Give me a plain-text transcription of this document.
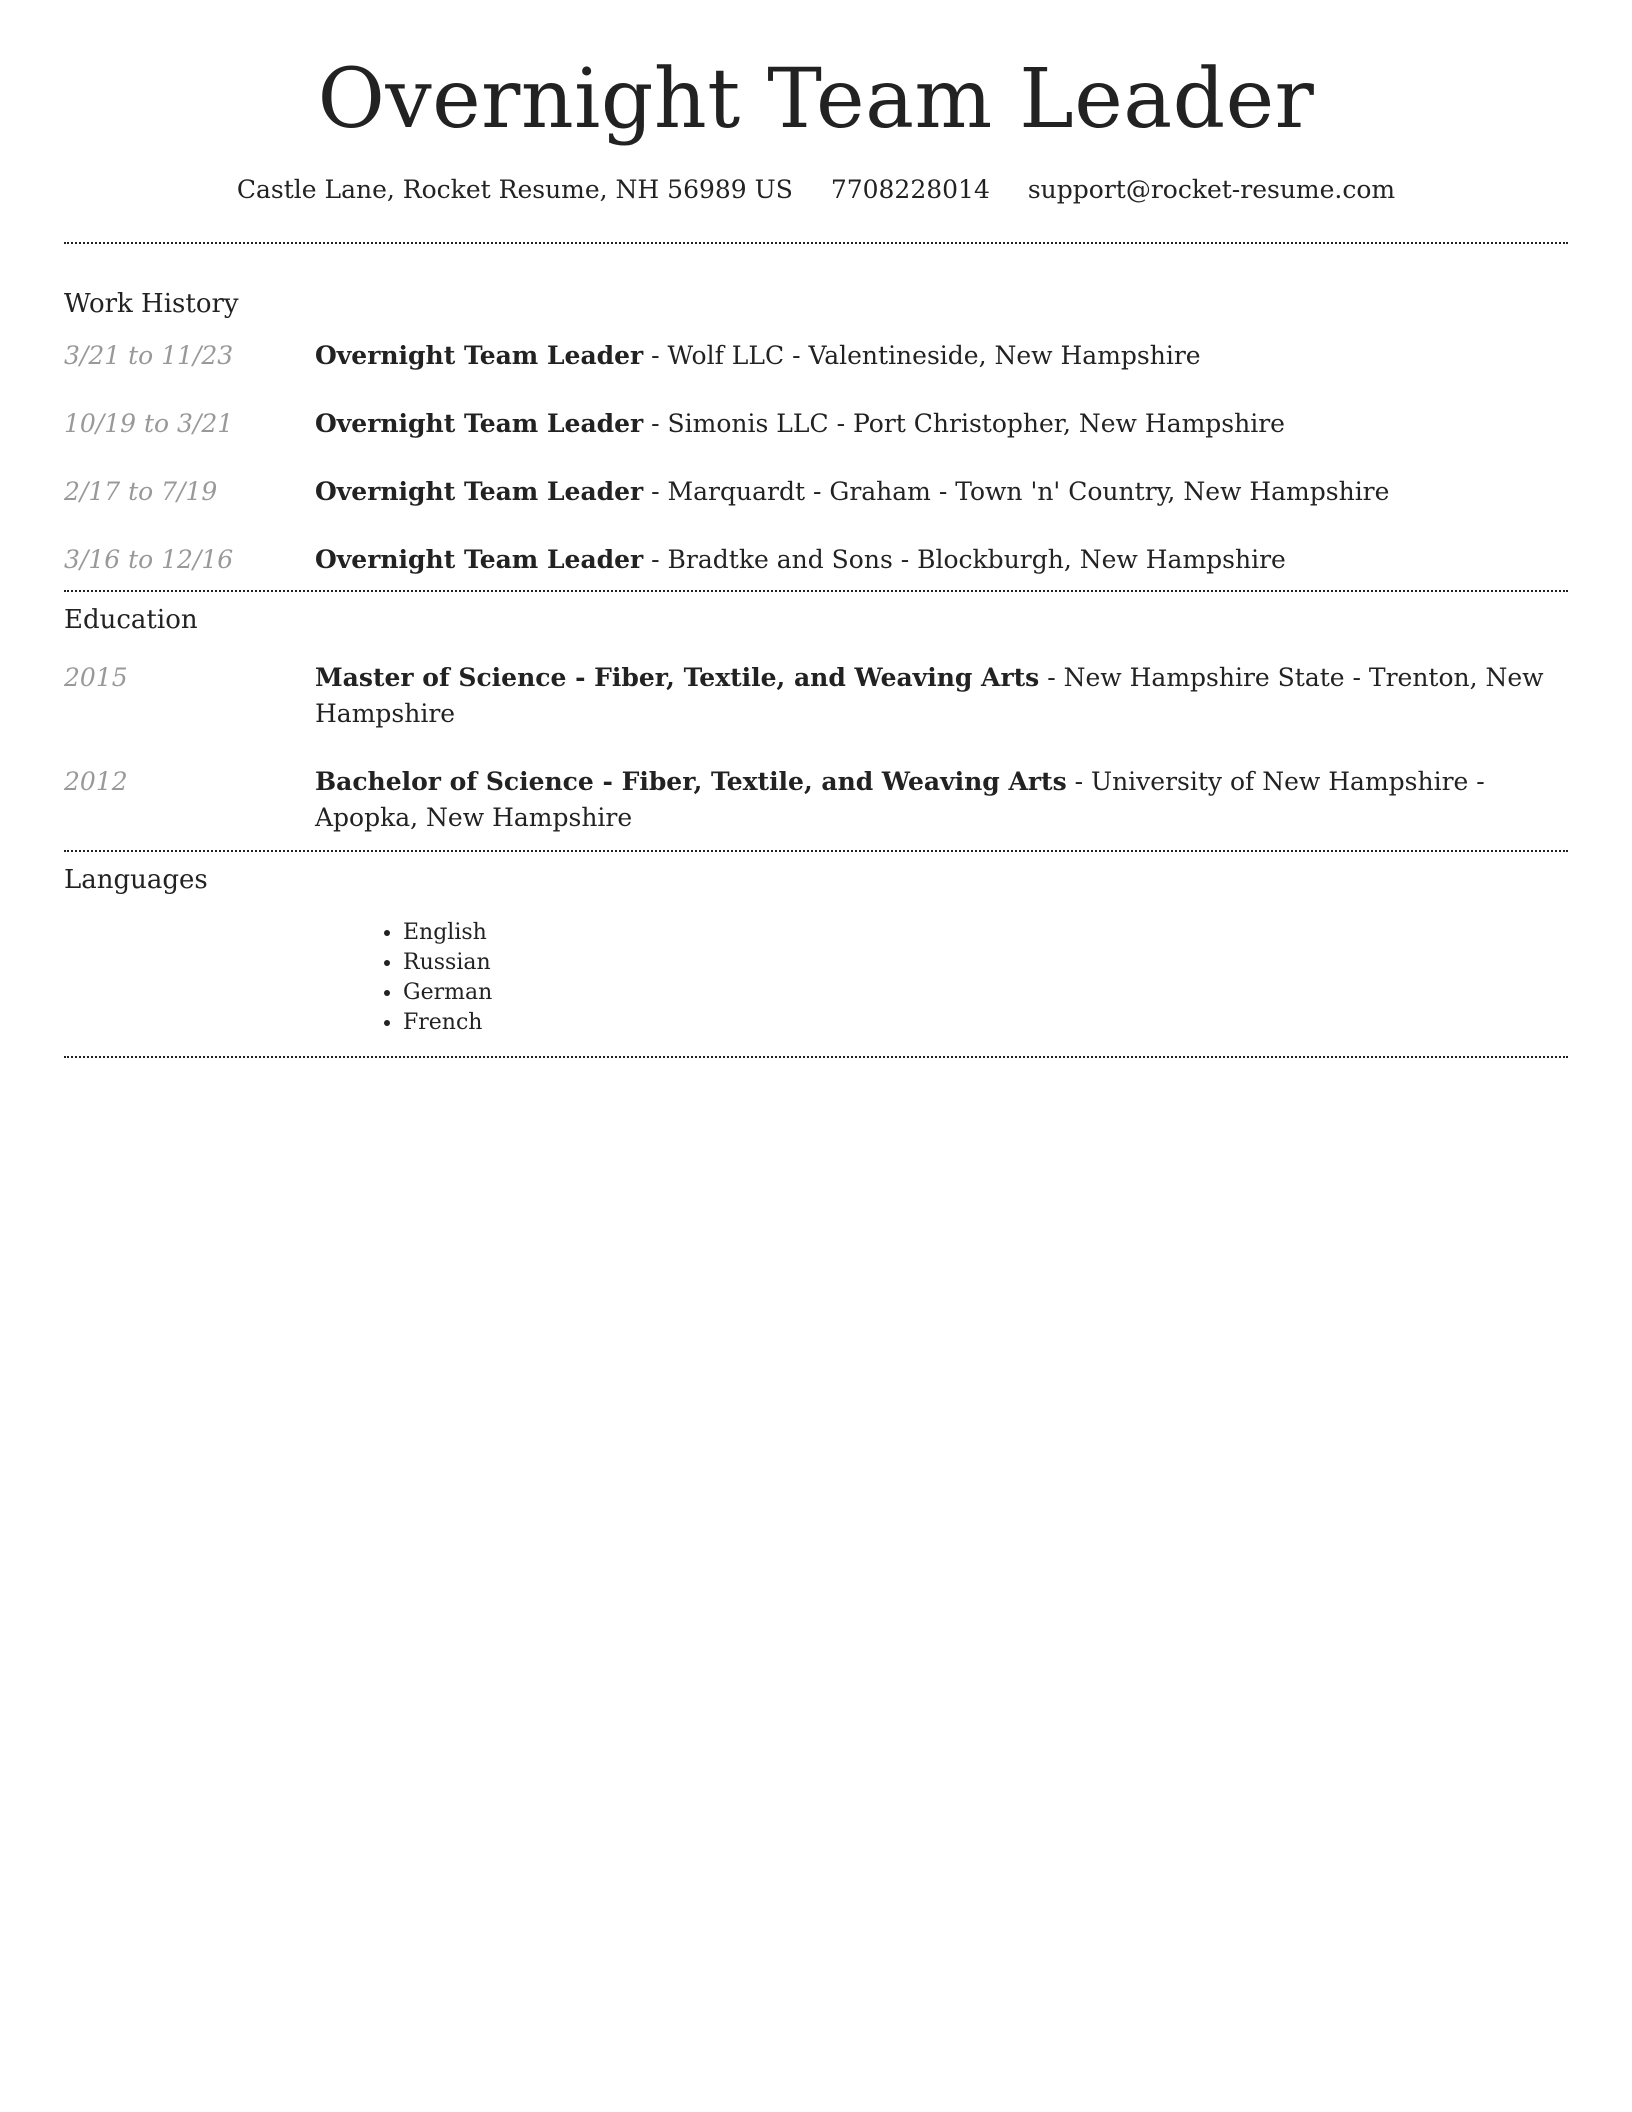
Overnight Team Leader
Castle Lane, Rocket Resume, NH 56989 US 7708228014 support@rocket-resume.com
Work History
3/21 to 11/23	Overnight Team Leader - Wolf LLC - Valentineside, New Hampshire
10/19 to 3/21	Overnight Team Leader - Simonis LLC - Port Christopher, New Hampshire
2/17 to 7/19	Overnight Team Leader - Marquardt - Graham - Town 'n' Country, New Hampshire
3/16 to 12/16	Overnight Team Leader - Bradtke and Sons - Blockburgh, New Hampshire
Education
2015	Master of Science - Fiber, Textile, and Weaving Arts - New Hampshire State - Trenton, New Hampshire
2012	Bachelor of Science - Fiber, Textile, and Weaving Arts - University of New Hampshire - Apopka, New Hampshire
Languages
• English
• Russian
• German
• French
